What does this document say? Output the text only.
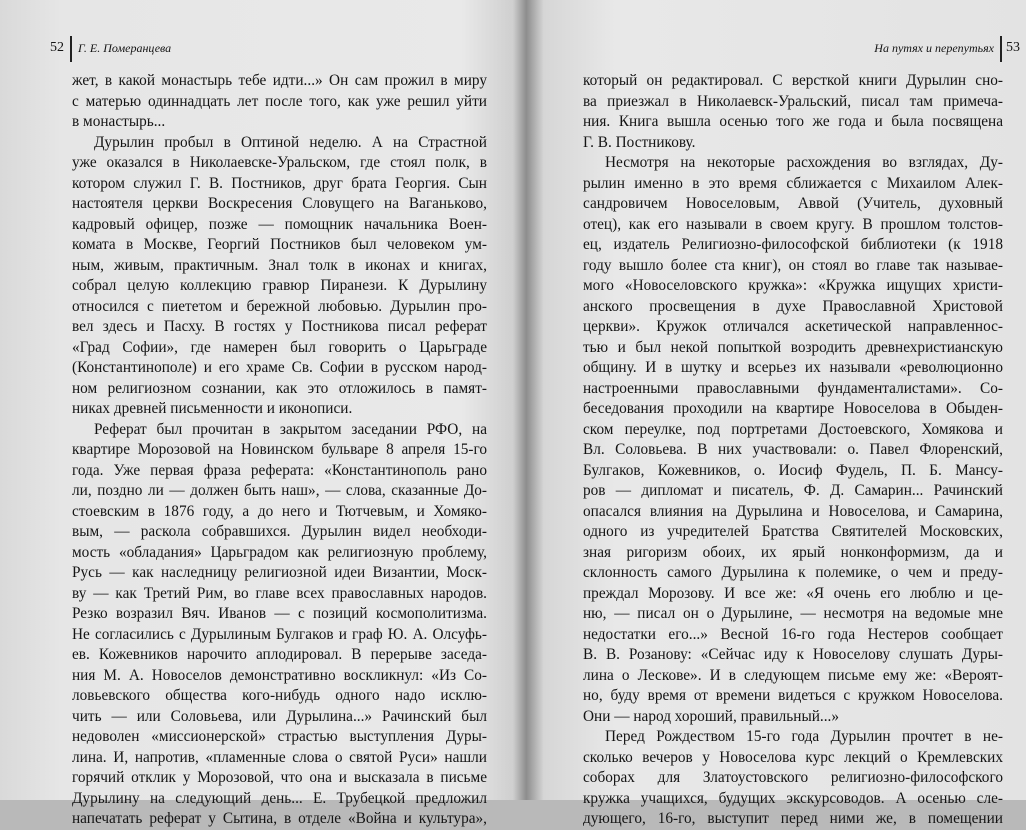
52 Г. Е. Померанцева
жет, в какой монастырь тебе идти...» Он сам прожил в миру
с матерью одиннадцать лет после того, как уже решил уйти
в монастырь...
Дурылин пробыл в Оптиной неделю. А на Страстной
уже оказался в Николаевске-Уральском, где стоял полк, в
котором служил Г. В. Постников, друг брата Георгия. Сын
настоятеля церкви Воскресения Словущего на Ваганьково,
кадровый офицер, позже — помощник начальника Воен-
комата в Москве, Георгий Постников был человеком ум-
ным, живым, практичным. Знал толк в иконах и книгах,
собрал целую коллекцию гравюр Пиранези. К Дурылину
относился с пиететом и бережной любовью. Дурылин про-
вел здесь и Пасху. В гостях у Постникова писал реферат
«Град Софии», где намерен был говорить о Царьграде
(Константинополе) и его храме Св. Софии в русском народ-
ном религиозном сознании, как это отложилось в памят-
никах древней письменности и иконописи.
Реферат был прочитан в закрытом заседании РФО, на
квартире Морозовой на Новинском бульваре 8 апреля 15-го
года. Уже первая фраза реферата: «Константинополь рано
ли, поздно ли — должен быть наш», — слова, сказанные До-
стоевским в 1876 году, а до него и Тютчевым, и Хомяко-
вым, — раскола собравшихся. Дурылин видел необходи-
мость «обладания» Царьградом как религиозную проблему,
Русь — как наследницу религиозной идеи Византии, Моск-
ву — как Третий Рим, во главе всех православных народов.
Резко возразил Вяч. Иванов — с позиций космополитизма.
Не согласились с Дурылиным Булгаков и граф Ю. А. Олсуфь-
ев. Кожевников нарочито аплодировал. В перерыве заседа-
ния М. А. Новоселов демонстративно воскликнул: «Из Со-
ловьевского общества кого-нибудь одного надо исклю-
чить — или Соловьева, или Дурылина...» Рачинский был
недоволен «миссионерской» страстью выступления Дуры-
лина. И, напротив, «пламенные слова о святой Руси» нашли
горячий отклик у Морозовой, что она и высказала в письме
Дурылину на следующий день... Е. Трубецкой предложил
напечатать реферат у Сытина, в отделе «Война и культура»,
На путях и перепутьях 53
который он редактировал. С версткой книги Дурылин сно-
ва приезжал в Николаевск-Уральский, писал там примеча-
ния. Книга вышла осенью того же года и была посвящена
Г. В. Постникову.
Несмотря на некоторые расхождения во взглядах, Ду-
рылин именно в это время сближается с Михаилом Алек-
сандровичем Новоселовым, Аввой (Учитель, духовный
отец), как его называли в своем кругу. В прошлом толстов-
ец, издатель Религиозно-философской библиотеки (к 1918
году вышло более ста книг), он стоял во главе так называе-
мого «Новоселовского кружка»: «Кружка ищущих христи-
анского просвещения в духе Православной Христовой
церкви». Кружок отличался аскетической направленнос-
тью и был некой попыткой возродить древнехристианскую
общину. И в шутку и всерьез их называли «революционно
настроенными православными фундаменталистами». Со-
беседования проходили на квартире Новоселова в Обыден-
ском переулке, под портретами Достоевского, Хомякова и
Вл. Соловьева. В них участвовали: о. Павел Флоренский,
Булгаков, Кожевников, о. Иосиф Фудель, П. Б. Мансу-
ров — дипломат и писатель, Ф. Д. Самарин... Рачинский
опасался влияния на Дурылина и Новоселова, и Самарина,
одного из учредителей Братства Святителей Московских,
зная ригоризм обоих, их ярый нонконформизм, да и
склонность самого Дурылина к полемике, о чем и преду-
преждал Морозову. И все же: «Я очень его люблю и це-
ню, — писал он о Дурылине, — несмотря на ведомые мне
недостатки его...» Весной 16-го года Нестеров сообщает
В. В. Розанову: «Сейчас иду к Новоселову слушать Дуры-
лина о Лескове». И в следующем письме ему же: «Вероят-
но, буду время от времени видеться с кружком Новоселова.
Они — народ хороший, правильный...»
Перед Рождеством 15-го года Дурылин прочтет в не-
сколько вечеров у Новоселова курс лекций о Кремлевских
соборах для Златоустовского религиозно-философского
кружка учащихся, будущих экскурсоводов. А осенью сле-
дующего, 16-го, выступит перед ними же, в помещении
